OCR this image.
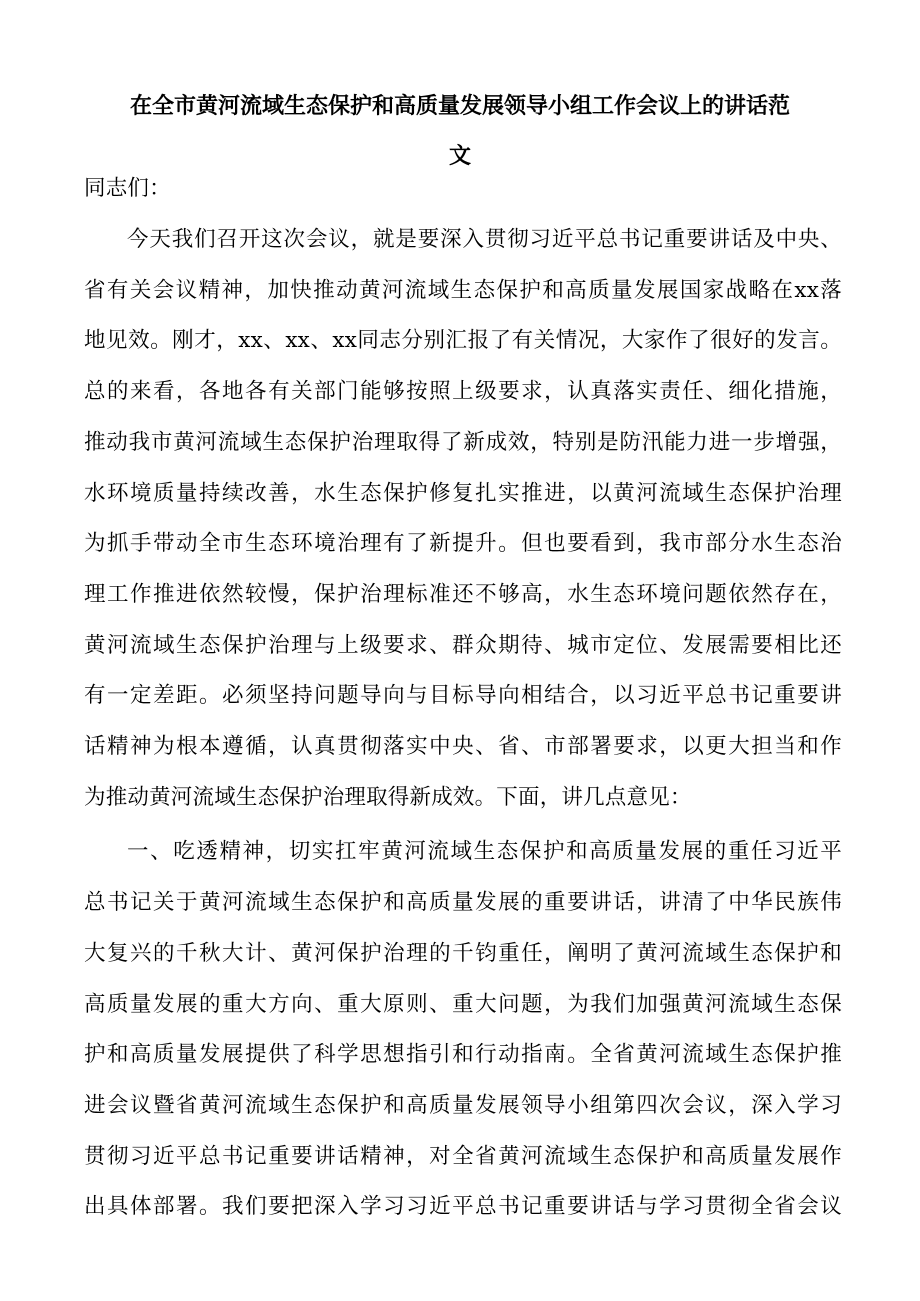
在全市黄河流域生态保护和高质量发展领导小组工作会议上的讲话范
文
同志们：
今天我们召开这次会议，就是要深入贯彻习近平总书记重要讲话及中央、
省有关会议精神，加快推动黄河流域生态保护和高质量发展国家战略在xx落
地见效。刚才，xx、xx、xx同志分别汇报了有关情况，大家作了很好的发言。
总的来看，各地各有关部门能够按照上级要求，认真落实责任、细化措施，
推动我市黄河流域生态保护治理取得了新成效，特别是防汛能力进一步增强，
水环境质量持续改善，水生态保护修复扎实推进，以黄河流域生态保护治理
为抓手带动全市生态环境治理有了新提升。但也要看到，我市部分水生态治
理工作推进依然较慢，保护治理标准还不够高，水生态环境问题依然存在，
黄河流域生态保护治理与上级要求、群众期待、城市定位、发展需要相比还
有一定差距。必须坚持问题导向与目标导向相结合，以习近平总书记重要讲
话精神为根本遵循，认真贯彻落实中央、省、市部署要求，以更大担当和作
为推动黄河流域生态保护治理取得新成效。下面，讲几点意见：
一、吃透精神，切实扛牢黄河流域生态保护和高质量发展的重任习近平
总书记关于黄河流域生态保护和高质量发展的重要讲话，讲清了中华民族伟
大复兴的千秋大计、黄河保护治理的千钧重任，阐明了黄河流域生态保护和
高质量发展的重大方向、重大原则、重大问题，为我们加强黄河流域生态保
护和高质量发展提供了科学思想指引和行动指南。全省黄河流域生态保护推
进会议暨省黄河流域生态保护和高质量发展领导小组第四次会议，深入学习
贯彻习近平总书记重要讲话精神，对全省黄河流域生态保护和高质量发展作
出具体部署。我们要把深入学习习近平总书记重要讲话与学习贯彻全省会议
